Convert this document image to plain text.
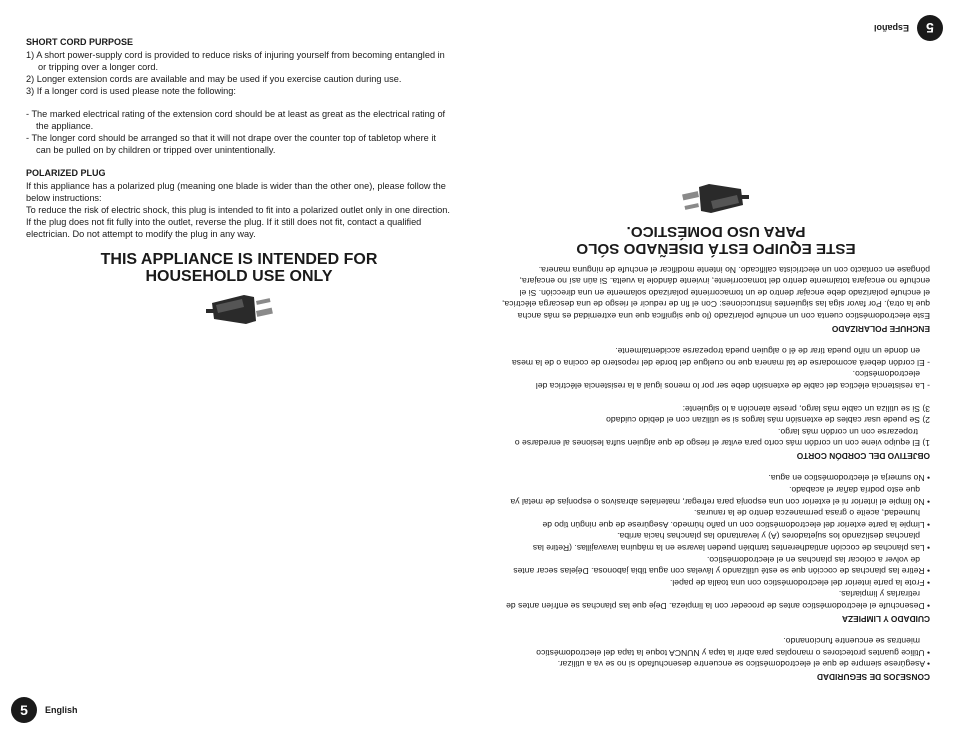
SHORT CORD PURPOSE

1) A short power-supply cord is provided to reduce risks of injuring yourself from becoming entangled in or tripping over a longer cord.

2) Longer extension cords are available and may be used if you exercise caution during use.

3) If a longer cord is used please note the following:

- The marked electrical rating of the extension cord should be at least as great as the electrical rating of the appliance.

- The longer cord should be arranged so that it will not drape over the counter top of tabletop where it can be pulled on by children or tripped over unintentionally.

POLARIZED PLUG

If this appliance has a polarized plug (meaning one blade is wider than the other one), please follow the below instructions:

To reduce the risk of electric shock, this plug is intended to fit into a polarized outlet only in one direction. If the plug does not fit fully into the outlet, reverse the plug. If it still does not fit, contact a qualified electrician. Do not attempt to modify the plug in any way.

THIS APPLIANCE IS INTENDED FOR

HOUSEHOLD USE ONLY

5	English

CONSEJOS DE SEGURIDAD

• Asegúrese siempre de que el electrodoméstico se encuentre desenchufado si no se va a utilizar.

• Utilice guantes protectores o manoplas para abrir la tapa y NUNCA toque la tapa del electrodoméstico mientras se encuentre funcionando.

CUIDADO Y LIMPIEZA

• Desenchufe el electrodoméstico antes de proceder con la limpieza. Deje que las planchas se enfríen antes de retirarlas y limpiarlas.

• Frote la parte interior del electrodoméstico con una toalla de papel.

• Retire las planchas de cocción que se esté utilizando y lávelas con agua tibia jabonosa. Déjelas secar antes de volver a colocar las planchas en el electrodoméstico.

• Las planchas de cocción antiadherentes también pueden lavarse en la máquina lavavajillas. (Retire las planchas deslizando los sujetadores (A) y levantando las planchas hacia arriba.

• Limpie la parte exterior del electrodoméstico con un paño húmedo. Asegúrese de que ningún tipo de humedad, aceite o grasa permanezca dentro de la ranuras.

• No limpie el interior ni el exterior con una esponja para refregar, materiales abrasivos o esponjas de metal ya que esto podría dañar el acabado.

• No sumerja el electrodoméstico en agua.

OBJETIVO DEL CORDÓN CORTO

1) El equipo viene con un cordón más corto para evitar el riesgo de que alguien sufra lesiones al enredarse o tropezarse con un cordón más largo.

2) Se puede usar cables de extensión más largos si se utilizan con el debido cuidado

3) Si se utiliza un cable más largo, preste atención a lo siguiente:

- La resistencia eléctica del cable de extensión debe ser por lo menos igual a la resistencia eléctrica del electrodoméstico.

- El cordón deberá acomodarse de tal manera que no cuelgue del borde del repostero de cocina o de la mesa en donde un niño pueda tirar de él o alguien pueda tropezarse accidentalmente.

ENCHUFE POLARIZADO

Este electrodoméstico cuenta con un enchufe polarizado (lo que significa que una extremidad es más ancha que la otra). Por favor siga las siguientes instrucciones: Con el fin de reducir el riesgo de una descarga eléctrica, el enchufe polarizado debe encajar dentro de un tomacorriente polarizado solamente en una dirección. Si el enchufe no encajara totalmente dentro del tomacorriente, inviente dándole la vuelta. Si aún así no encajara, póngase en contacto con un electricista calificado. No intente modificar el enchufe de ninguna manera.

ESTE EQUIPO ESTÁ DISEÑADO SÓLO

PARA USO DOMÉSTICO.

5
Español
